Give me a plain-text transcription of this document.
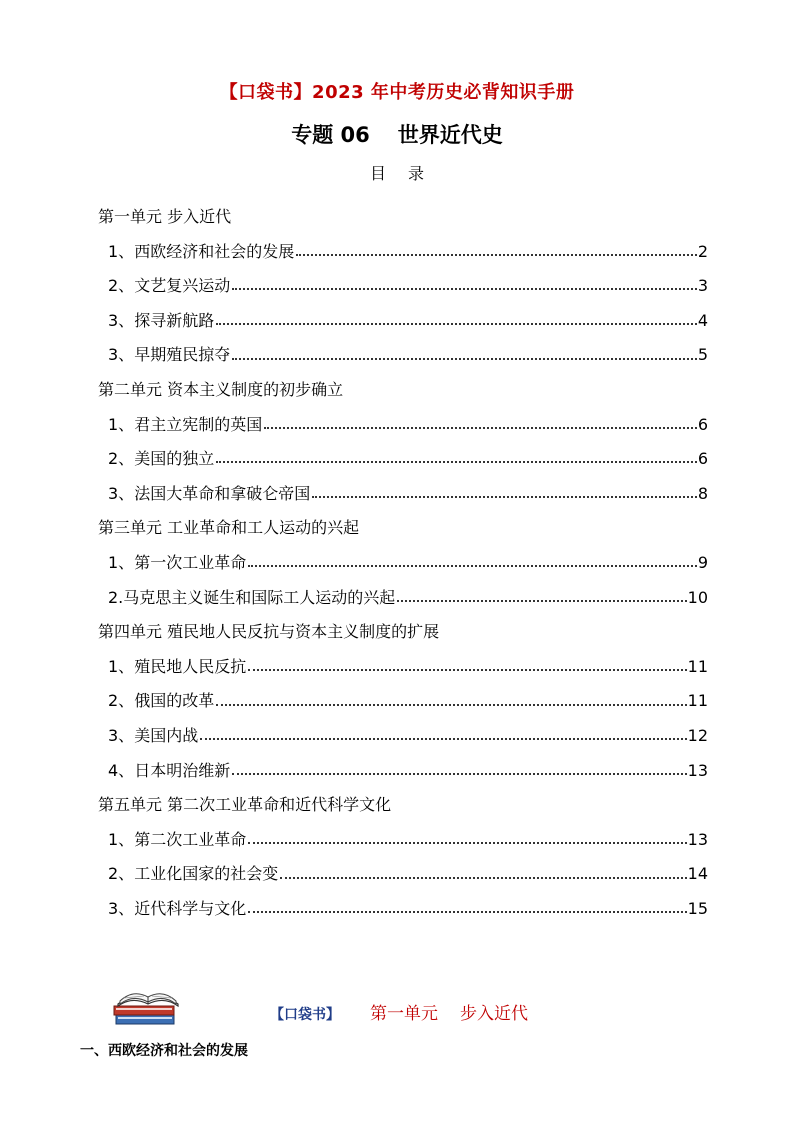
【口袋书】2023 年中考历史必背知识手册
专题 06 世界近代史
目录
第一单元 步入近代
1、 西欧经济和社会的发展	2
2、 文艺复兴运动	3
3、 探寻新航路	4
3、 早期殖民掠夺	5
第二单元 资本主义制度的初步确立
1、 君主立宪制的英国	6
2、 美国的独立	6
3、 法国大革命和拿破仑帝国	8
第三单元 工业革命和工人运动的兴起
1、 第一次工业革命	9
2. 马克思主义诞生和国际工人运动的兴起	10
第四单元 殖民地人民反抗与资本主义制度的扩展
1、 殖民地人民反抗	11
2、 俄国的改革	11
3、 美国内战	12
4、 日本明治维新	13
第五单元 第二次工业革命和近代科学文化
1、 第二次工业革命	13
2、 工业化国家的社会变	14
3、 近代科学与文化	15
【口袋书】 第一单元 步入近代
一、西欧经济和社会的发展
